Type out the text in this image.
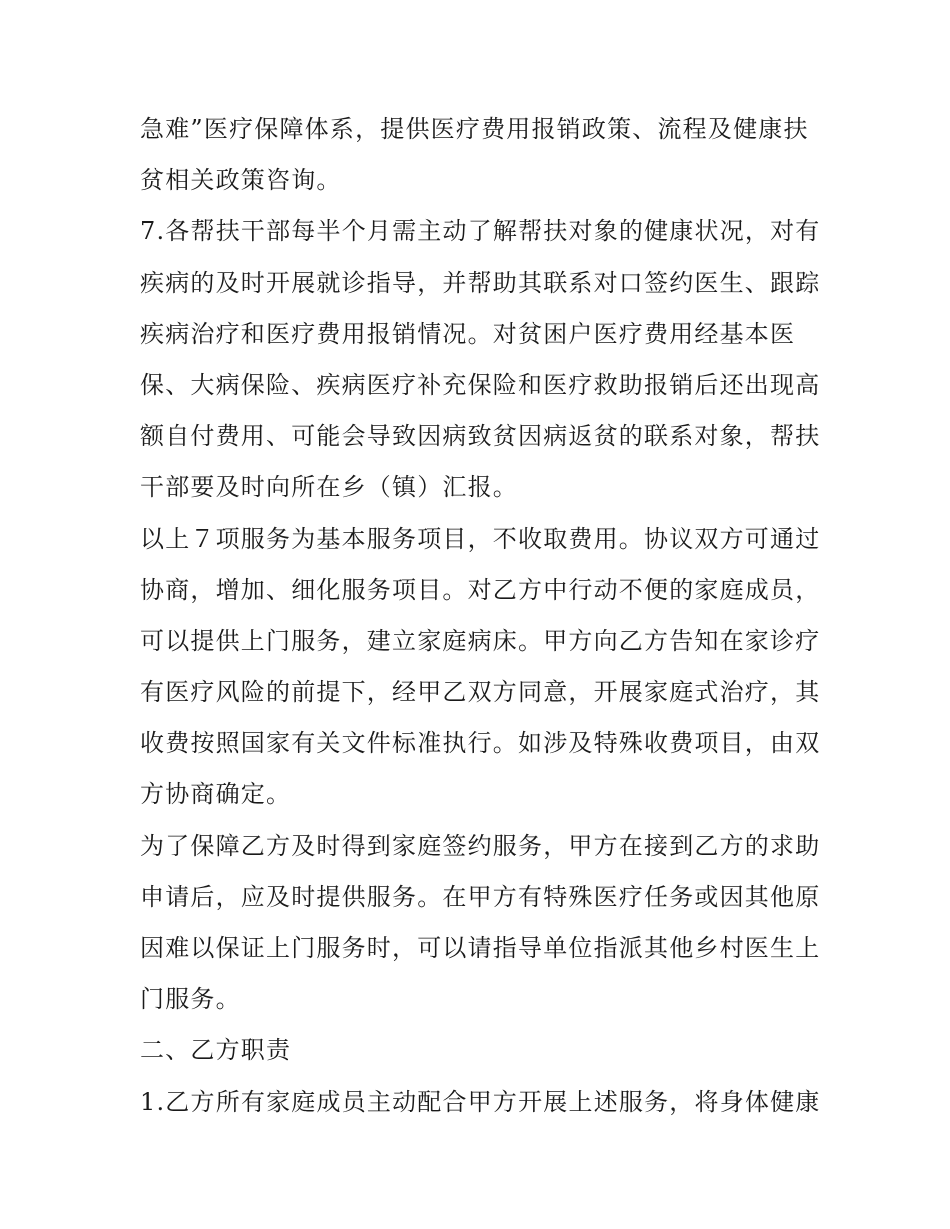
急难”医疗保障体系，提供医疗费用报销政策、流程及健康扶
贫相关政策咨询。
7.各帮扶干部每半个月需主动了解帮扶对象的健康状况，对有
疾病的及时开展就诊指导，并帮助其联系对口签约医生、跟踪
疾病治疗和医疗费用报销情况。对贫困户医疗费用经基本医
保、大病保险、疾病医疗补充保险和医疗救助报销后还出现高
额自付费用、可能会导致因病致贫因病返贫的联系对象，帮扶
干部要及时向所在乡（镇）汇报。
以上７项服务为基本服务项目，不收取费用。协议双方可通过
协商，增加、细化服务项目。对乙方中行动不便的家庭成员，
可以提供上门服务，建立家庭病床。甲方向乙方告知在家诊疗
有医疗风险的前提下，经甲乙双方同意，开展家庭式治疗，其
收费按照国家有关文件标准执行。如涉及特殊收费项目，由双
方协商确定。
为了保障乙方及时得到家庭签约服务，甲方在接到乙方的求助
申请后，应及时提供服务。在甲方有特殊医疗任务或因其他原
因难以保证上门服务时，可以请指导单位指派其他乡村医生上
门服务。
二、乙方职责
1.乙方所有家庭成员主动配合甲方开展上述服务，将身体健康
